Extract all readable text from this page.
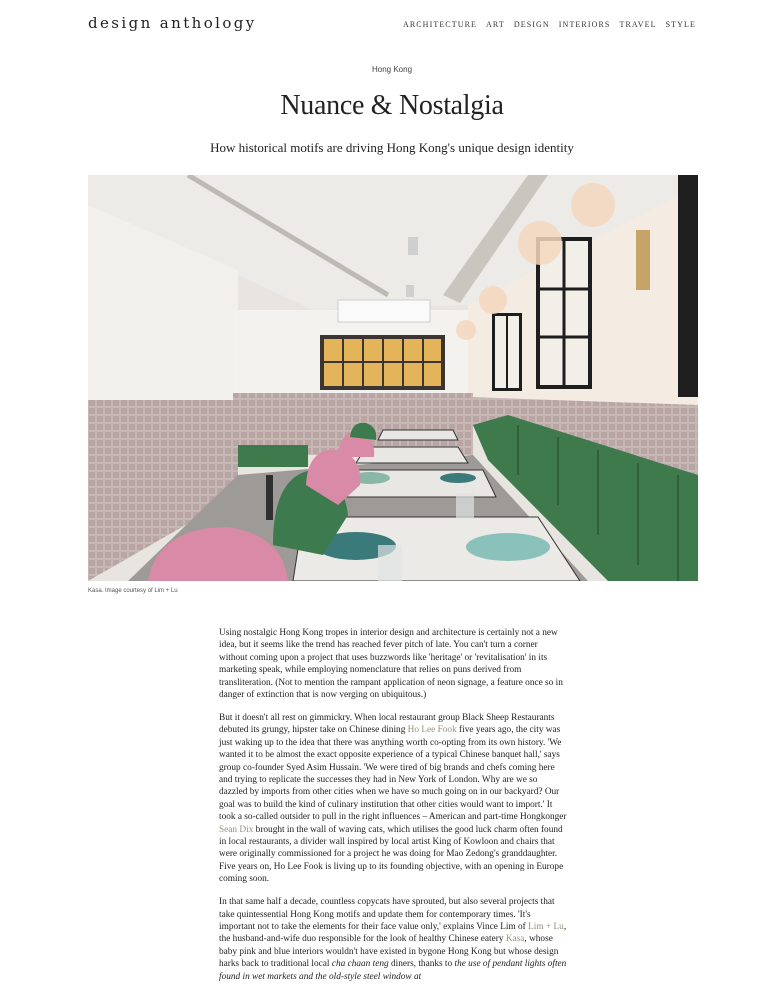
design anthology	ARCHITECTURE ART DESIGN INTERIORS TRAVEL STYLE
Hong Kong
Nuance & Nostalgia
How historical motifs are driving Hong Kong's unique design identity
Kasa. Image courtesy of Lim + Lu

Using nostalgic Hong Kong tropes in interior design and architecture is certainly not a new idea, but it seems like the trend has reached fever pitch of late. You can't turn a corner without coming upon a project that uses buzzwords like 'heritage' or 'revitalisation' in its marketing speak, while employing nomenclature that relies on puns derived from transliteration. (Not to mention the rampant application of neon signage, a feature once so in danger of extinction that is now verging on ubiquitous.)

But it doesn't all rest on gimmickry. When local restaurant group Black Sheep Restaurants debuted its grungy, hipster take on Chinese dining Ho Lee Fook five years ago, the city was just waking up to the idea that there was anything worth co-opting from its own history. 'We wanted it to be almost the exact opposite experience of a typical Chinese banquet hall,' says group co-founder Syed Asim Hussain. 'We were tired of big brands and chefs coming here and trying to replicate the successes they had in New York of London. Why are we so dazzled by imports from other cities when we have so much going on in our backyard? Our goal was to build the kind of culinary institution that other cities would want to import.' It took a so-called outsider to pull in the right influences – American and part-time Hongkonger Sean Dix brought in the wall of waving cats, which utilises the good luck charm often found in local restaurants, a divider wall inspired by local artist King of Kowloon and chairs that were originally commissioned for a project he was doing for Mao Zedong's granddaughter. Five years on, Ho Lee Fook is living up to its founding objective, with an opening in Europe coming soon.

In that same half a decade, countless copycats have sprouted, but also several projects that take quintessential Hong Kong motifs and update them for contemporary times. 'It's important not to take the elements for their face value only,' explains Vince Lim of Lim + Lu, the husband-and-wife duo responsible for the look of healthy Chinese eatery Kasa, whose baby pink and blue interiors wouldn't have existed in bygone Hong Kong but whose design harks back to traditional local cha chaan teng diners, thanks to the use of pendant lights often found in wet markets and the old-style steel window at
